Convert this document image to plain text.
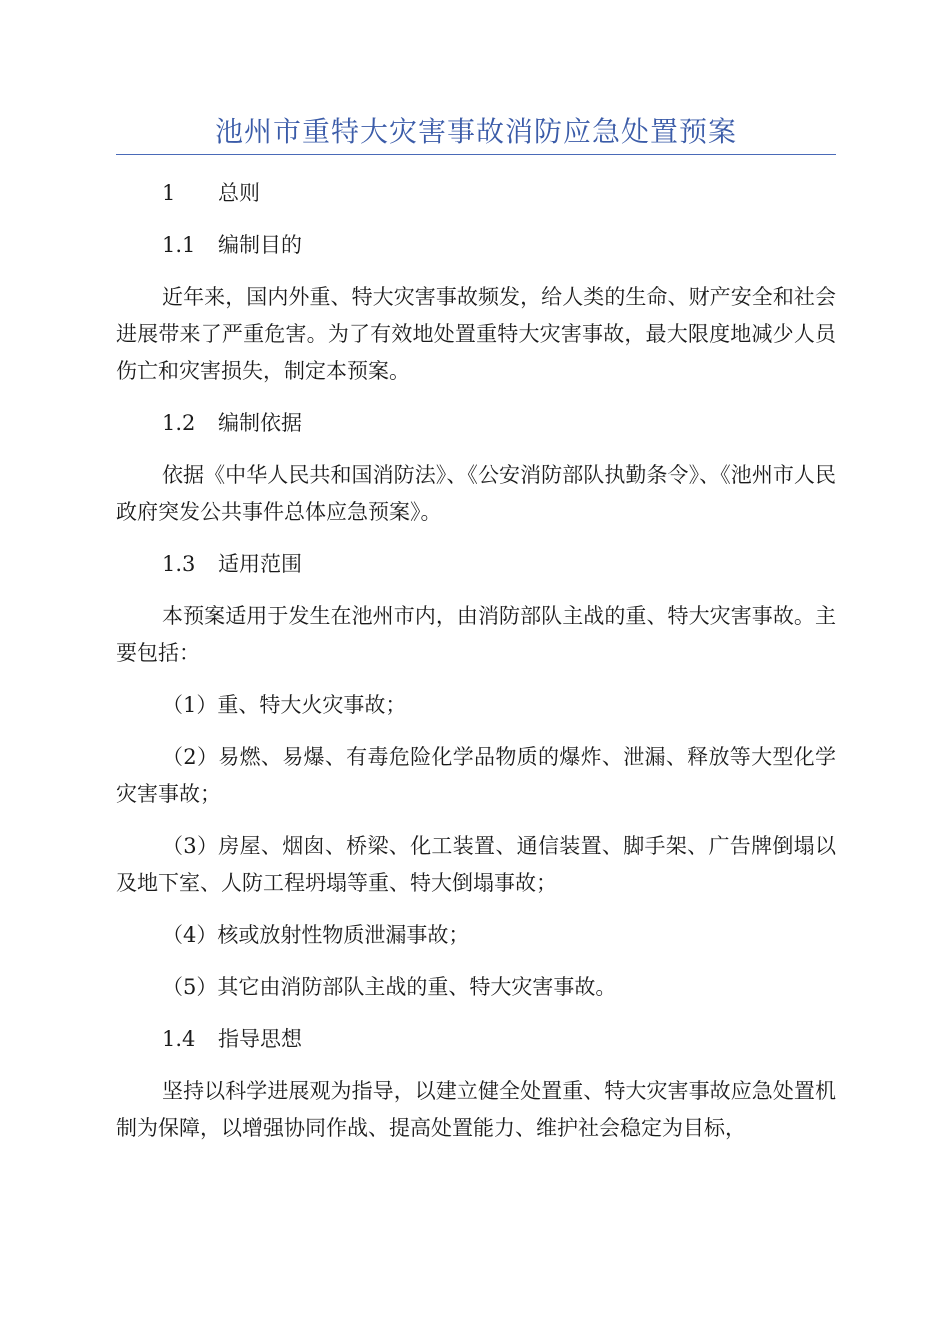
池州市重特大灾害事故消防应急处置预案

1 总则

1.1 编制目的

近年来，国内外重、特大灾害事故频发，给人类的生命、财产安全和社会进展带来了严重危害。为了有效地处置重特大灾害事故，最大限度地减少人员伤亡和灾害损失，制定本预案。

1.2 编制依据

依据《中华人民共和国消防法》、《公安消防部队执勤条令》、《池州市人民政府突发公共事件总体应急预案》。

1.3 适用范围

本预案适用于发生在池州市内，由消防部队主战的重、特大灾害事故。主要包括：

（1）重、特大火灾事故；

（2）易燃、易爆、有毒危险化学品物质的爆炸、泄漏、释放等大型化学灾害事故；

（3）房屋、烟囱、桥梁、化工装置、通信装置、脚手架、广告牌倒塌以及地下室、人防工程坍塌等重、特大倒塌事故；

（4）核或放射性物质泄漏事故；

（5）其它由消防部队主战的重、特大灾害事故。

1.4 指导思想

坚持以科学进展观为指导，以建立健全处置重、特大灾害事故应急处置机制为保障，以增强协同作战、提高处置能力、维护社会稳定为目标，
